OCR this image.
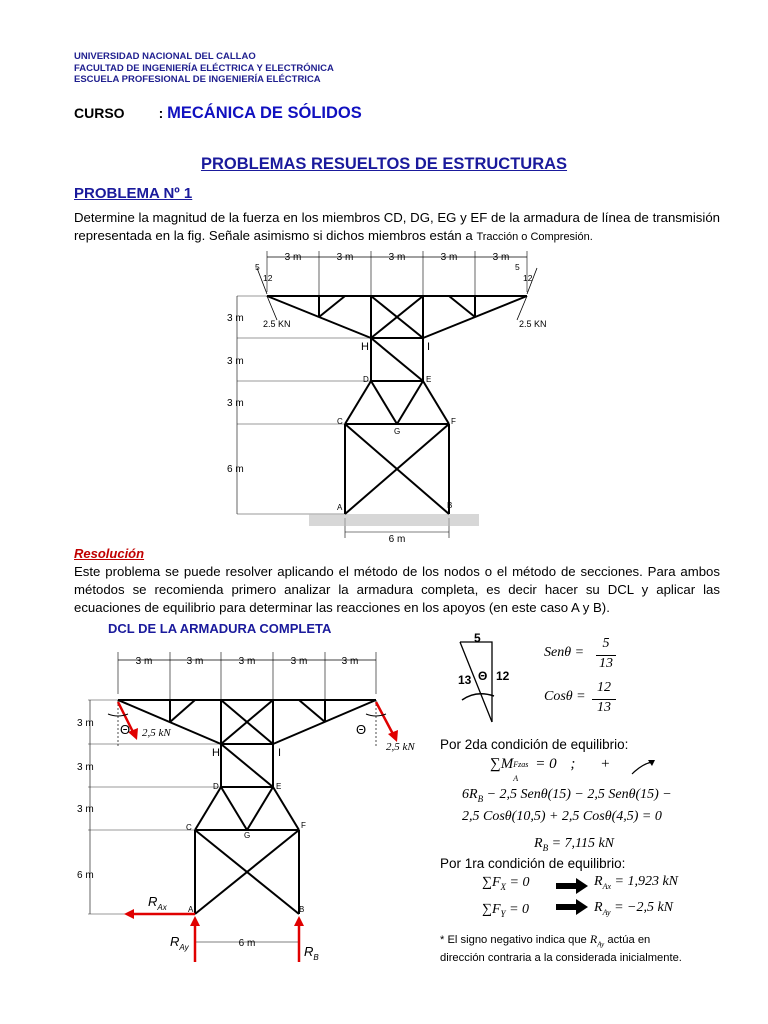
UNIVERSIDAD NACIONAL DEL CALLAO
FACULTAD DE INGENIERÍA ELÉCTRICA Y ELECTRÓNICA
ESCUELA PROFESIONAL DE INGENIERÍA ELÉCTRICA
CURSO : MECÁNICA DE SÓLIDOS
PROBLEMAS RESUELTOS DE ESTRUCTURAS
PROBLEMA Nº 1
Determine la magnitud de la fuerza en los miembros CD, DG, EG y EF de la armadura de línea de transmisión representada en la fig. Señale asimismo si dichos miembros están a Tracción o Compresión.
3 m	3 m	3 m	3 m	3 m
3 m
3 m
3 m
6 m
6 m
5
12
5
12
2.5 KN	2.5 KN
H	I
D	E
C
G
F
A	B
Resolución
Este problema se puede resolver aplicando el método de los nodos o el método de secciones. Para ambos métodos se recomienda primero analizar la armadura completa, es decir hacer su DCL y aplicar las ecuaciones de equilibrio para determinar las reacciones en los apoyos (en este caso A y B).
DCL DE LA ARMADURA COMPLETA
3 m	3 m	3 m	3 m	3 m
3 m
3 m
3 m
6 m
6 m
Θ	Θ
2,5 kN
2,5 kN
H	I
D	E
C
G
F
A	B
$R_{Ax}$
$R_{Ay}$	$R_B$
5
13 12
Θ
Senθ =
5
13
Cosθ =
12
13
Por 2da condición de equilibrio:
∑M Fzas
A
= 0 ; +
$6R_B - 2,5$ Senθ(15) − 2,5 Senθ(15) −
2,5 Cosθ(10,5) + 2,5 Cosθ(4,5) = 0
$R_B = 7,115$ kN
Por 1ra condición de equilibrio:
$\sum F_X = 0$	$R_{Ax} = 1,923$ kN
$\sum F_Y = 0$	$R_{Ay} = -2,5$ kN
* El signo negativo indica que $R_{Ay}$ actúa en
dirección contraria a la considerada inicialmente.
